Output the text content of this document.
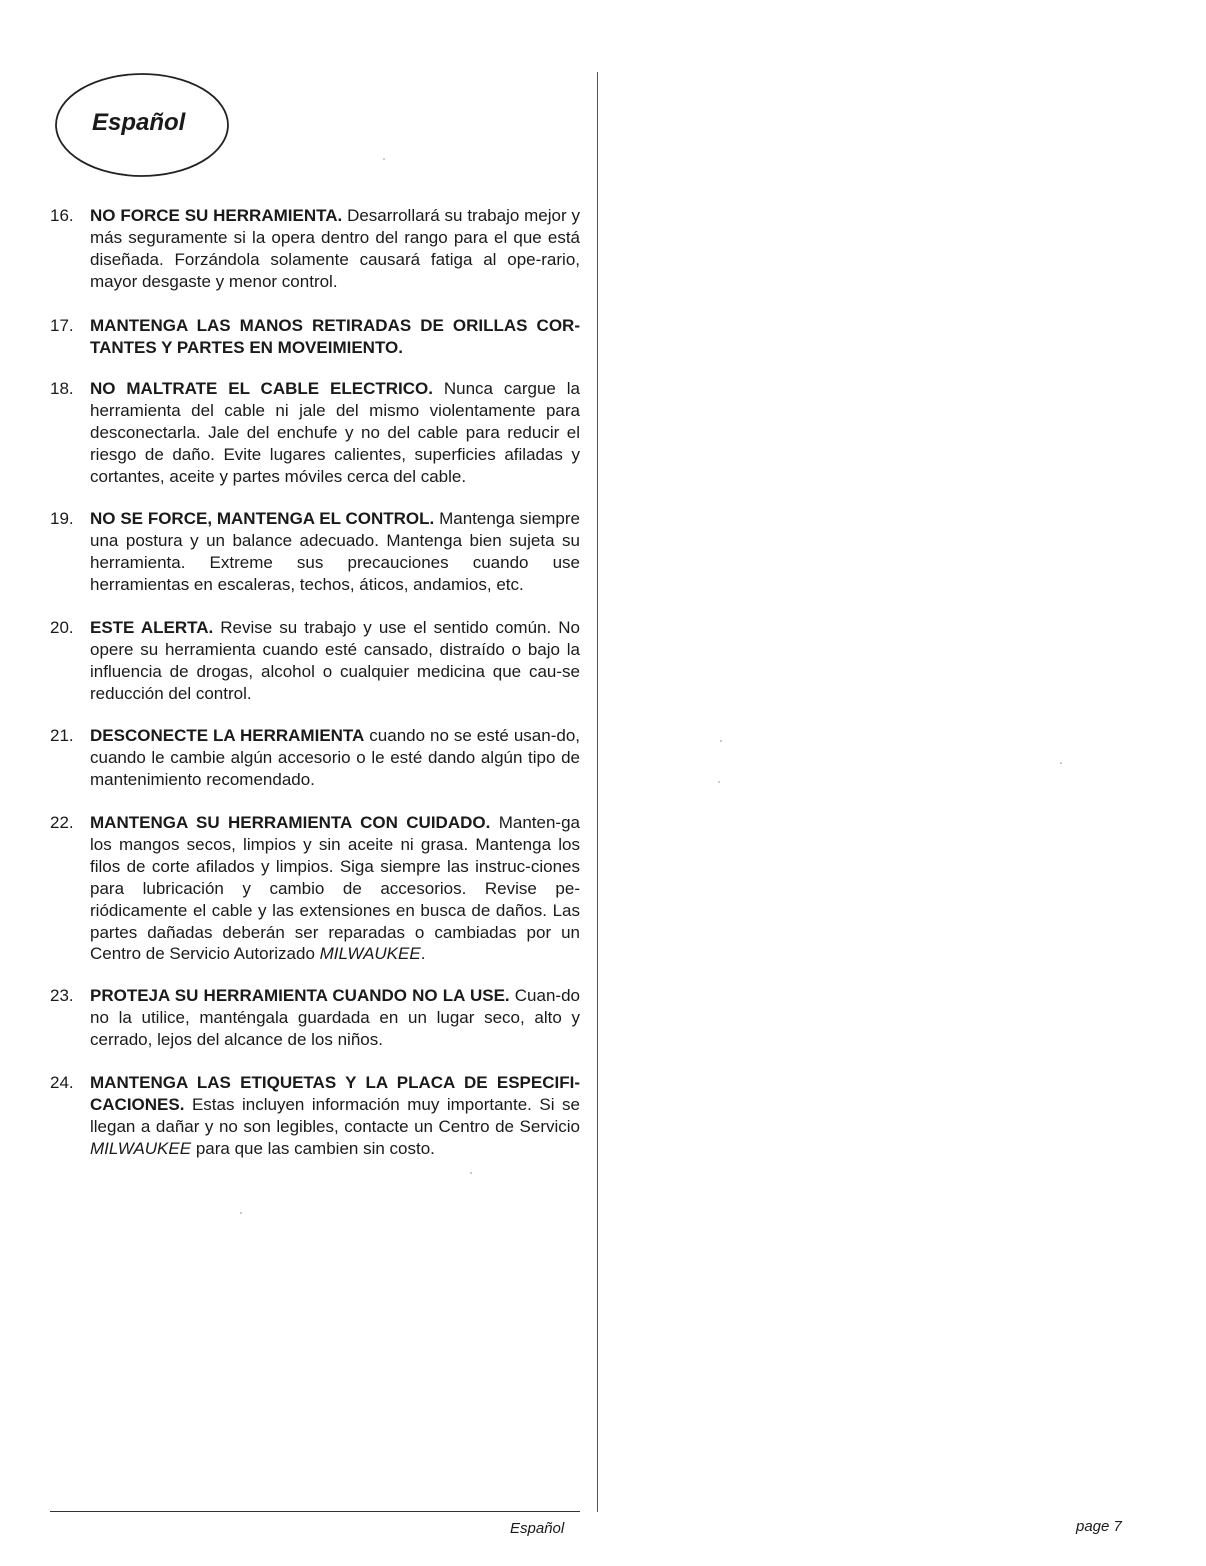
Español
16. NO FORCE SU HERRAMIENTA. Desarrollará su trabajo mejor y más seguramente si la opera dentro del rango para el que está diseñada. Forzándola solamente causará fatiga al ope-rario, mayor desgaste y menor control.
17. MANTENGA LAS MANOS RETIRADAS DE ORILLAS COR-TANTES Y PARTES EN MOVEIMIENTO.
18. NO MALTRATE EL CABLE ELECTRICO. Nunca cargue la herramienta del cable ni jale del mismo violentamente para desconectarla. Jale del enchufe y no del cable para reducir el riesgo de daño. Evite lugares calientes, superficies afiladas y cortantes, aceite y partes móviles cerca del cable.
19. NO SE FORCE, MANTENGA EL CONTROL. Mantenga siempre una postura y un balance adecuado. Mantenga bien sujeta su herramienta. Extreme sus precauciones cuando use herramientas en escaleras, techos, áticos, andamios, etc.
20. ESTE ALERTA. Revise su trabajo y use el sentido común. No opere su herramienta cuando esté cansado, distraído o bajo la influencia de drogas, alcohol o cualquier medicina que cau-se reducción del control.
21. DESCONECTE LA HERRAMIENTA cuando no se esté usan-do, cuando le cambie algún accesorio o le esté dando algún tipo de mantenimiento recomendado.
22. MANTENGA SU HERRAMIENTA CON CUIDADO. Manten-ga los mangos secos, limpios y sin aceite ni grasa. Mantenga los filos de corte afilados y limpios. Siga siempre las instruc-ciones para lubricación y cambio de accesorios. Revise pe-riódicamente el cable y las extensiones en busca de daños. Las partes dañadas deberán ser reparadas o cambiadas por un Centro de Servicio Autorizado MILWAUKEE.
23. PROTEJA SU HERRAMIENTA CUANDO NO LA USE. Cuan-do no la utilice, manténgala guardada en un lugar seco, alto y cerrado, lejos del alcance de los niños.
24. MANTENGA LAS ETIQUETAS Y LA PLACA DE ESPECIFI-CACIONES. Estas incluyen información muy importante. Si se llegan a dañar y no son legibles, contacte un Centro de Servicio MILWAUKEE para que las cambien sin costo.
Español	page 7
